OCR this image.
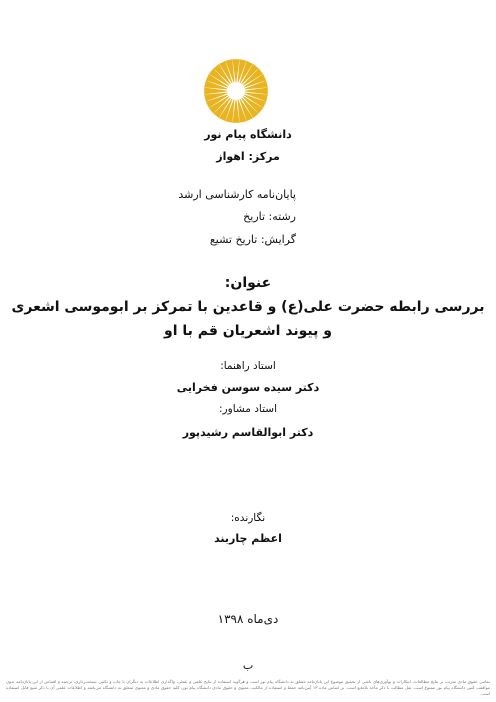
دانشگاه پیام نور
مرکز: اهواز
پایان‌نامه کارشناسی ارشد
رشته: تاریخ
گرایش: تاریخ تشیع
عنوان:
بررسی رابطه حضرت علی(ع) و قاعدین با تمرکز بر ابوموسی اشعری
و پیوند اشعریان قم با او
استاد راهنما:
دکتر سیده سوسن فخرایی
استاد مشاور:
دکتر ابوالقاسم رشیدپور
نگارنده:
اعظم چاربند
دی‌ماه ۱۳۹۸
ب
تمامی حقوق مادی مترتب بر نتایج مطالعات، ابتکارات و نوآوری‌های ناشی از تحقیق موضوع این پایان‌نامه متعلق به دانشگاه پیام نور است و هرگونه استفاده از نتایج علمی و عملی، واگذاری اطلاعات به دیگران یا چاپ و تکثیر، نسخه‌برداری، ترجمه و اقتباس از این پایان‌نامه بدون موافقت کتبی دانشگاه پیام نور ممنوع است. نقل مطالب با ذکر مأخذ بلامانع است. بر اساس ماده ۱۳ آیین‌نامه حفظ و استفاده از مالکیت معنوی و حقوق مادی دانشگاه پیام نور، کلیه حقوق مادی و معنوی متعلق به دانشگاه می‌باشد و اطلاعات علمی آن با ذکر منبع قابل استفاده است.
